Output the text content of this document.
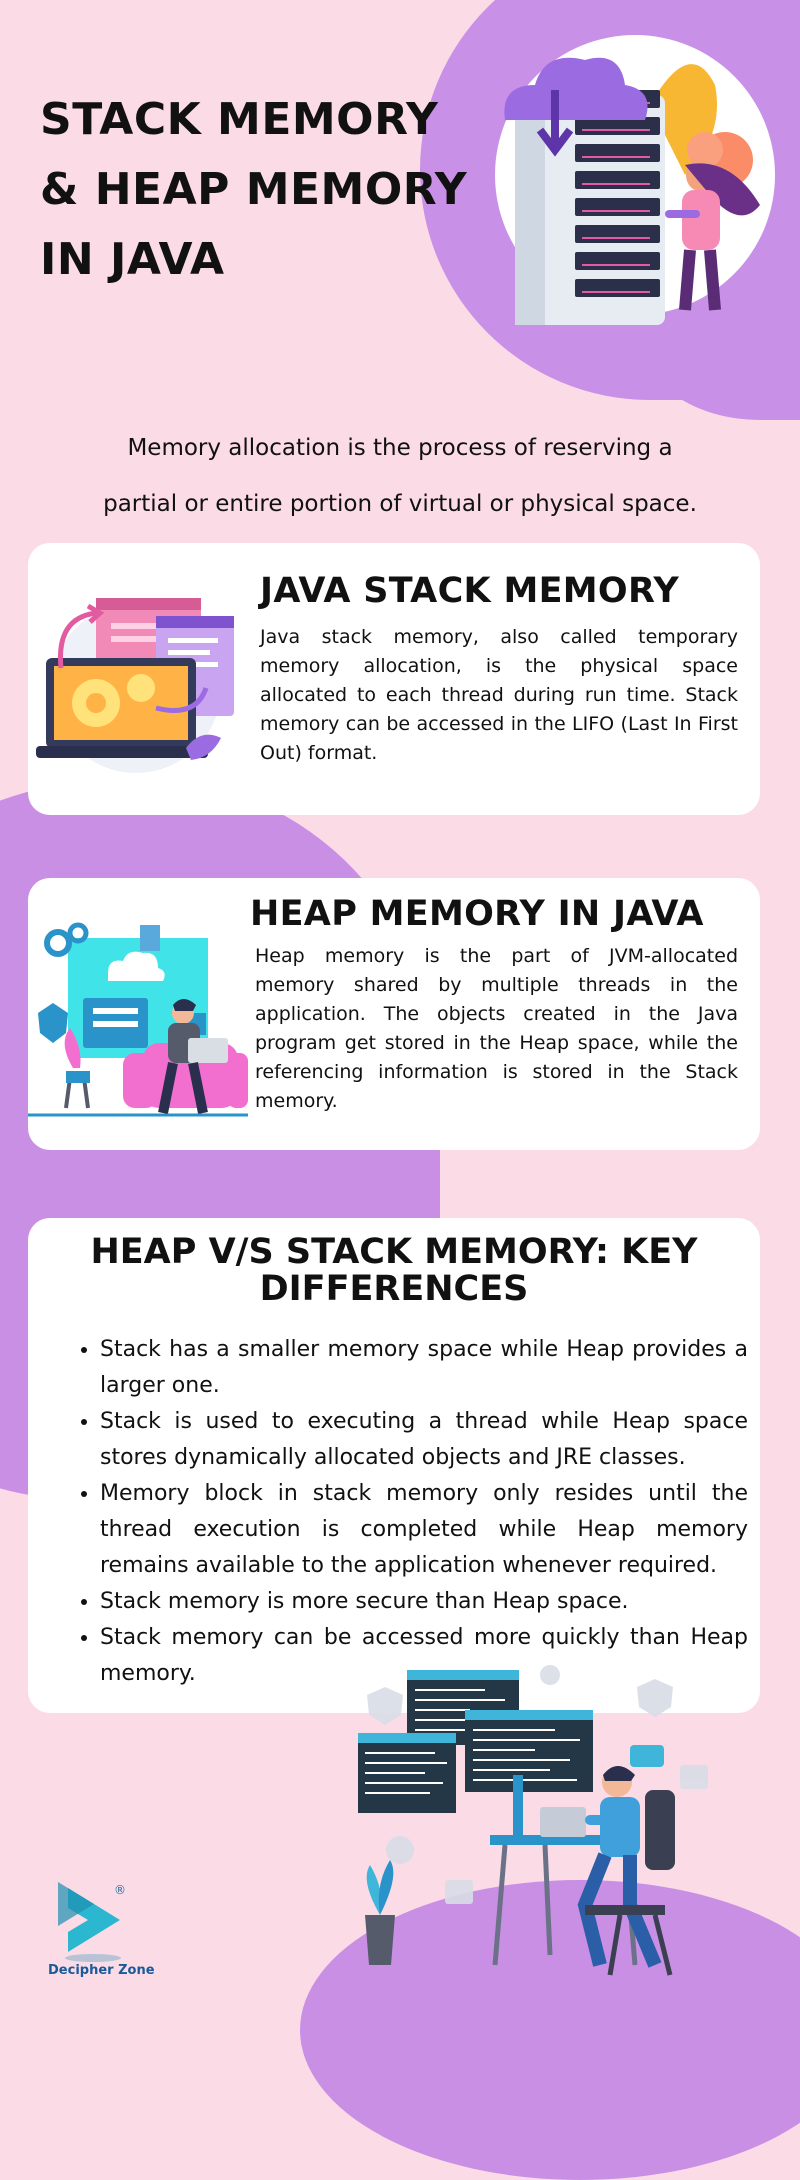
STACK MEMORY
& HEAP MEMORY
IN JAVA

Memory allocation is the process of reserving a
partial or entire portion of virtual or physical space.

JAVA STACK MEMORY

Java stack memory, also called temporary memory allocation, is the physical space allocated to each thread during run time. Stack memory can be accessed in the LIFO (Last In First Out) format.

HEAP MEMORY IN JAVA

Heap memory is the part of JVM-allocated memory shared by multiple threads in the application. The objects created in the Java program get stored in the Heap space, while the referencing information is stored in the Stack memory.

HEAP V/S STACK MEMORY: KEY
DIFFERENCES
• Stack has a smaller memory space while Heap provides a larger one.
• Stack is used to executing a thread while Heap space stores dynamically allocated objects and JRE classes.
• Memory block in stack memory only resides until the thread execution is completed while Heap memory remains available to the application whenever required.
• Stack memory is more secure than Heap space.
• Stack memory can be accessed more quickly than Heap memory.
®

Decipher Zone
